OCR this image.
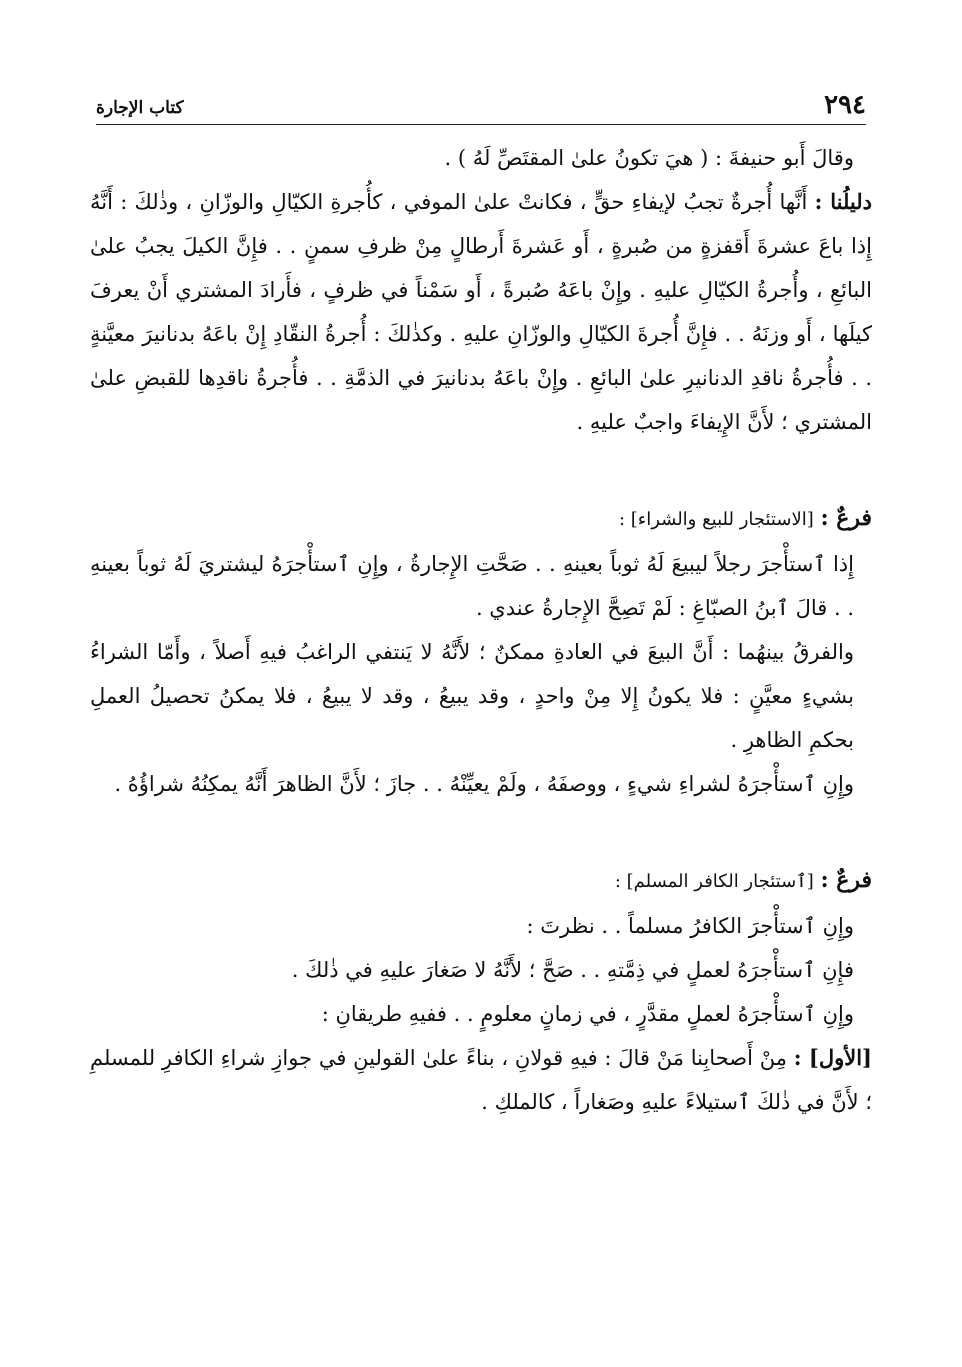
٢٩٤
كتاب الإجارة

وقالَ أَبو حنيفةَ : ( هيَ تكونُ علىٰ المقتَصِّ لَهُ ) .

دليلُنا : أَنَّها أُجرةٌ تجبُ لإيفاءِ حقٍّ ، فكانتْ علىٰ الموفي ، كأُجرةِ الكيّالِ والوزّانِ ، وذٰلكَ : أَنَّهُ إِذا باعَ عشرةَ أَقفزةٍ من صُبرةٍ ، أَو عَشرةَ أَرطالٍ مِنْ ظرفِ سمنٍ . . فإِنَّ الكيلَ يجبُ علىٰ البائعِ ، وأُجرةُ الكيّالِ عليهِ . وإِنْ باعَهُ صُبرةً ، أَو سَمْناً في ظرفٍ ، فأَرادَ المشتري أَنْ يعرفَ كيلَها ، أَو وزنَهُ . . فإِنَّ أُجرةَ الكيّالِ والوزّانِ عليهِ . وكذٰلكَ : أُجرةُ النقّادِ إِنْ باعَهُ بدنانيرَ معيَّنةٍ . . فأُجرةُ ناقدِ الدنانيرِ علىٰ البائعِ . وإِنْ باعَهُ بدنانيرَ في الذمَّةِ . . فأُجرةُ ناقدِها للقبضِ علىٰ المشتري ؛ لأَنَّ الإِيفاءَ واجبٌ عليهِ .

فرعٌ : [الاستئجار للبيع والشراء] :

إِذا ٱستأْجرَ رجلاً ليبيعَ لَهُ ثوباً بعينهِ . . صَحَّتِ الإِجارةُ ، وإِنِ ٱستأْجرَهُ ليشتريَ لَهُ ثوباً بعينهِ . . قالَ ٱبنُ الصبّاغِ : لَمْ تَصِحَّ الإِجارةُ عندي .

والفرقُ بينهُما : أَنَّ البيعَ في العادةِ ممكنٌ ؛ لأَنَّهُ لا يَنتفي الراغبُ فيهِ أَصلاً ، وأَمّا الشراءُ بشيءٍ معيَّنٍ : فلا يكونُ إِلا مِنْ واحدٍ ، وقد يبيعُ ، وقد لا يبيعُ ، فلا يمكنُ تحصيلُ العملِ بحكمِ الظاهرِ .

وإِنِ ٱستأْجرَهُ لشراءِ شيءٍ ، ووصفَهُ ، ولَمْ يعيِّنْهُ . . جازَ ؛ لأَنَّ الظاهرَ أَنَّهُ يمكِنُهُ شراؤُهُ .

فرعٌ : [ٱستئجار الكافر المسلم] :

وإِنِ ٱستأْجرَ الكافرُ مسلماً . . نظرتَ :

فإِنِ ٱستأْجرَهُ لعملٍ في ذِمَّتهِ . . صَحَّ ؛ لأَنَّهُ لا صَغارَ عليهِ في ذٰلكَ .

وإِنِ ٱستأْجرَهُ لعملٍ مقدَّرٍ ، في زمانٍ معلومٍ . . ففيهِ طريقانِ :

[الأول] : مِنْ أَصحابِنا مَنْ قالَ : فيهِ قولانِ ، بناءً علىٰ القولينِ في جوازِ شراءِ الكافرِ للمسلمِ ؛ لأَنَّ في ذٰلكَ ٱستيلاءً عليهِ وصَغاراً ، كالملكِ .
